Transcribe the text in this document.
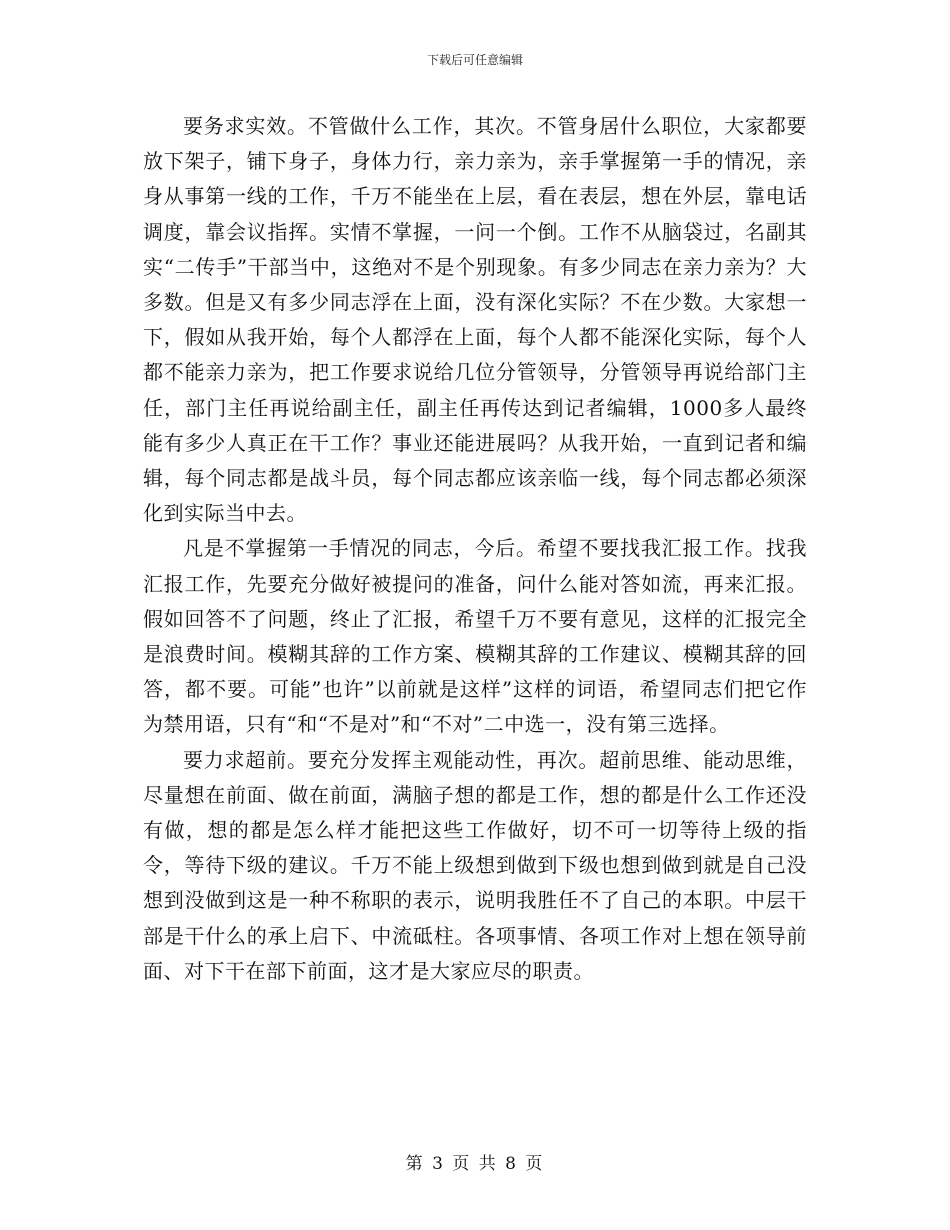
下载后可任意编辑

要务求实效。不管做什么工作，其次。不管身居什么职位，大家都要放下架子，铺下身子，身体力行，亲力亲为，亲手掌握第一手的情况，亲身从事第一线的工作，千万不能坐在上层，看在表层，想在外层，靠电话调度，靠会议指挥。实情不掌握，一问一个倒。工作不从脑袋过，名副其实“二传手”干部当中，这绝对不是个别现象。有多少同志在亲力亲为？大多数。但是又有多少同志浮在上面，没有深化实际？不在少数。大家想一下，假如从我开始，每个人都浮在上面，每个人都不能深化实际，每个人都不能亲力亲为，把工作要求说给几位分管领导，分管领导再说给部门主任，部门主任再说给副主任，副主任再传达到记者编辑，1000多人最终能有多少人真正在干工作？事业还能进展吗？从我开始，一直到记者和编辑，每个同志都是战斗员，每个同志都应该亲临一线，每个同志都必须深化到实际当中去。

凡是不掌握第一手情况的同志，今后。希望不要找我汇报工作。找我汇报工作，先要充分做好被提问的准备，问什么能对答如流，再来汇报。假如回答不了问题，终止了汇报，希望千万不要有意见，这样的汇报完全是浪费时间。模糊其辞的工作方案、模糊其辞的工作建议、模糊其辞的回答，都不要。可能”也许”以前就是这样”这样的词语，希望同志们把它作为禁用语，只有“和“不是对”和“不对”二中选一，没有第三选择。

要力求超前。要充分发挥主观能动性，再次。超前思维、能动思维，尽量想在前面、做在前面，满脑子想的都是工作，想的都是什么工作还没有做，想的都是怎么样才能把这些工作做好，切不可一切等待上级的指令，等待下级的建议。千万不能上级想到做到下级也想到做到就是自己没想到没做到这是一种不称职的表示，说明我胜任不了自己的本职。中层干部是干什么的承上启下、中流砥柱。各项事情、各项工作对上想在领导前面、对下干在部下前面，这才是大家应尽的职责。

第 3 页 共 8 页
